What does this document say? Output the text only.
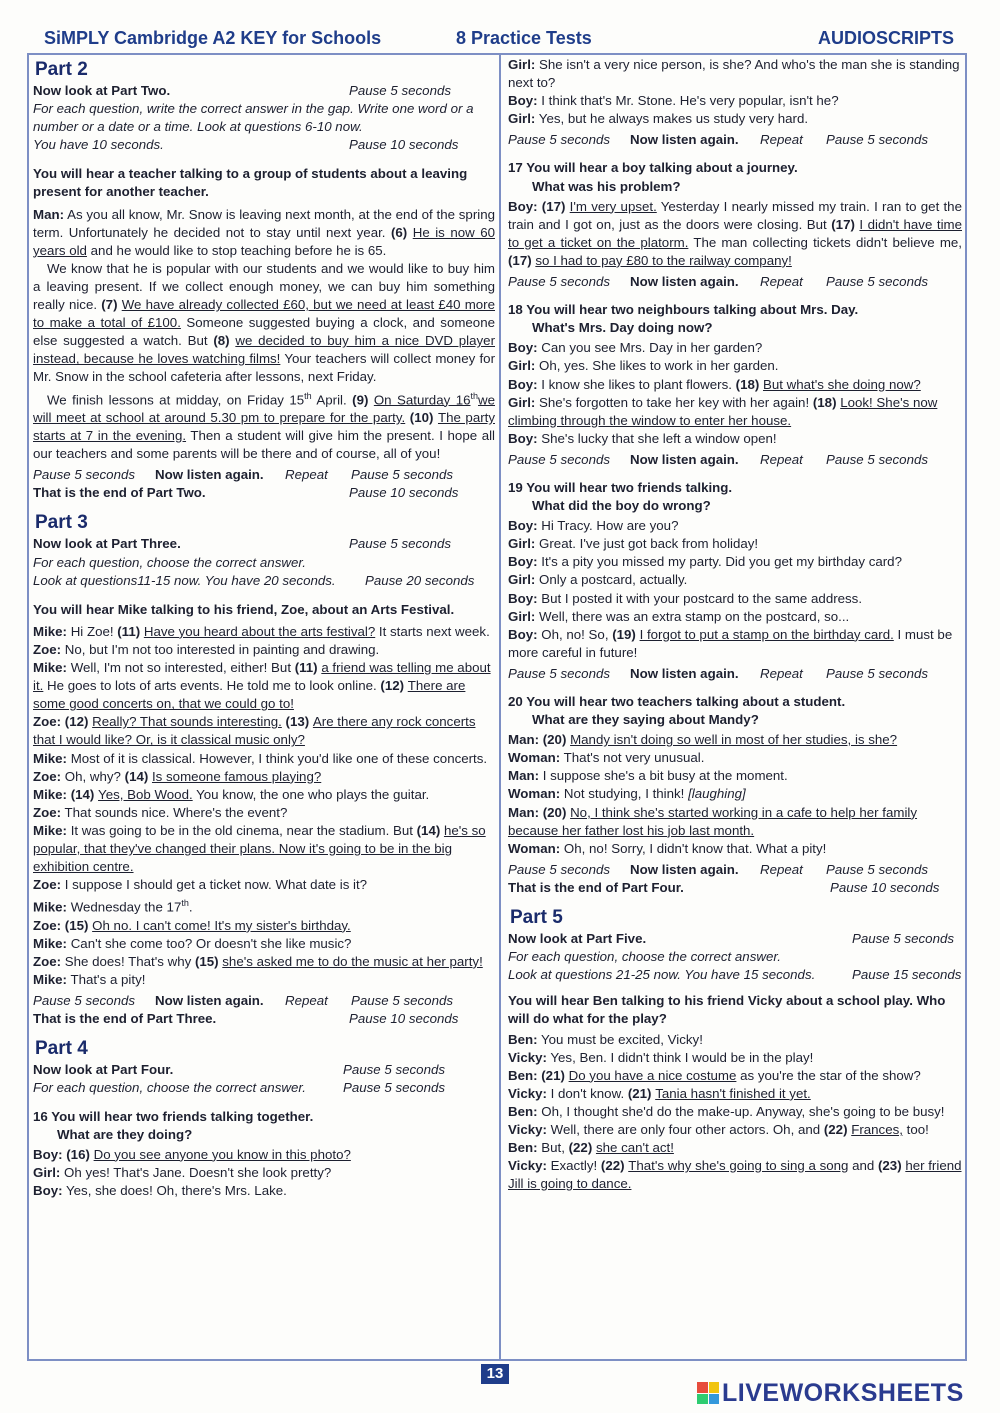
SiMPLY Cambridge A2 KEY for Schools	8 Practice Tests	AUDIOSCRIPTS
Part 2
Now look at Part Two.	Pause 5 seconds

For each question, write the correct answer in the gap. Write one word or a number or a date or a time. Look at questions 6-10 now.

You have 10 seconds.	Pause 10 seconds
You will hear a teacher talking to a group of students about a leaving present for another teacher.

Man: As you all know, Mr. Snow is leaving next month, at the end of the spring term. Unfortunately he decided not to stay until next year. (6) He is now 60 years old and he would like to stop teaching before he is 65.

We know that he is popular with our students and we would like to buy him a leaving present. If we collect enough money, we can buy him something really nice. (7) We have already collected £60, but we need at least £40 more to make a total of £100. Someone suggested buying a clock, and someone else suggested a watch. But (8) we decided to buy him a nice DVD player instead, because he loves watching films! Your teachers will collect money for Mr. Snow in the school cafeteria after lessons, next Friday.

We finish lessons at midday, on Friday 15th April. (9) On Saturday 16thwe will meet at school at around 5.30 pm to prepare for the party. (10) The party starts at 7 in the evening. Then a student will give him the present. I hope all our teachers and some parents will be there and of course, all of you!

Pause 5 seconds	Now listen again.	Repeat	Pause 5 seconds
That is the end of Part Two.	Pause 10 seconds
Part 3
Now look at Part Three.	Pause 5 seconds

For each question, choose the correct answer.

Look at questions11-15 now. You have 20 seconds. Pause 20 seconds
You will hear Mike talking to his friend, Zoe, about an Arts Festival.

Mike: Hi Zoe! (11) Have you heard about the arts festival? It starts next week.

Zoe: No, but I'm not too interested in painting and drawing.

Mike: Well, I'm not so interested, either! But (11) a friend was telling me about it. He goes to lots of arts events. He told me to look online. (12) There are some good concerts on, that we could go to!

Zoe: (12) Really? That sounds interesting. (13) Are there any rock concerts that I would like? Or, is it classical music only?

Mike: Most of it is classical. However, I think you'd like one of these concerts.

Zoe: Oh, why? (14) Is someone famous playing?

Mike: (14) Yes, Bob Wood. You know, the one who plays the guitar.

Zoe: That sounds nice. Where's the event?

Mike: It was going to be in the old cinema, near the stadium. But (14) he's so popular, that they've changed their plans. Now it's going to be in the big exhibition centre.

Zoe: I suppose I should get a ticket now. What date is it?

Mike: Wednesday the 17th.

Zoe: (15) Oh no. I can't come! It's my sister's birthday.

Mike: Can't she come too? Or doesn't she like music?

Zoe: She does! That's why (15) she's asked me to do the music at her party!

Mike: That's a pity!

Pause 5 seconds	Now listen again.	Repeat	Pause 5 seconds
That is the end of Part Three.	Pause 10 seconds
Part 4
Now look at Part Four.	Pause 5 seconds
For each question, choose the correct answer.	Pause 5 seconds
16 You will hear two friends talking together.
What are they doing?

Boy: (16) Do you see anyone you know in this photo?

Girl: Oh yes! That's Jane. Doesn't she look pretty?

Boy: Yes, she does! Oh, there's Mrs. Lake.

Girl: She isn't a very nice person, is she? And who's the man she is standing next to?

Boy: I think that's Mr. Stone. He's very popular, isn't he?

Girl: Yes, but he always makes us study very hard.

Pause 5 seconds	Now listen again.	Repeat	Pause 5 seconds
17 You will hear a boy talking about a journey.
What was his problem?

Boy: (17) I'm very upset. Yesterday I nearly missed my train. I ran to get the train and I got on, just as the doors were closing. But (17) I didn't have time to get a ticket on the platorm. The man collecting tickets didn't believe me, (17) so I had to pay £80 to the railway company!

Pause 5 seconds	Now listen again.	Repeat	Pause 5 seconds
18 You will hear two neighbours talking about Mrs. Day.
What's Mrs. Day doing now?

Boy: Can you see Mrs. Day in her garden?

Girl: Oh, yes. She likes to work in her garden.

Boy: I know she likes to plant flowers. (18) But what's she doing now?

Girl: She's forgotten to take her key with her again! (18) Look! She's now climbing through the window to enter her house.

Boy: She's lucky that she left a window open!

Pause 5 seconds	Now listen again.	Repeat	Pause 5 seconds
19 You will hear two friends talking.
What did the boy do wrong?

Boy: Hi Tracy. How are you?

Girl: Great. I've just got back from holiday!

Boy: It's a pity you missed my party. Did you get my birthday card?

Girl: Only a postcard, actually.

Boy: But I posted it with your postcard to the same address.

Girl: Well, there was an extra stamp on the postcard, so...

Boy: Oh, no! So, (19) I forgot to put a stamp on the birthday card. I must be more careful in future!

Pause 5 seconds	Now listen again.	Repeat	Pause 5 seconds
20 You will hear two teachers talking about a student.
What are they saying about Mandy?

Man: (20) Mandy isn't doing so well in most of her studies, is she?

Woman: That's not very unusual.

Man: I suppose she's a bit busy at the moment.

Woman: Not studying, I think! [laughing]

Man: (20) No, I think she's started working in a cafe to help her family because her father lost his job last month.

Woman: Oh, no! Sorry, I didn't know that. What a pity!

Pause 5 seconds	Now listen again.	Repeat	Pause 5 seconds
That is the end of Part Four.	Pause 10 seconds
Part 5
Now look at Part Five.	Pause 5 seconds

For each question, choose the correct answer.

Look at questions 21-25 now. You have 15 seconds.	Pause 15 seconds
You will hear Ben talking to his friend Vicky about a school play. Who will do what for the play?

Ben: You must be excited, Vicky!

Vicky: Yes, Ben. I didn't think I would be in the play!

Ben: (21) Do you have a nice costume as you're the star of the show?

Vicky: I don't know. (21) Tania hasn't finished it yet.

Ben: Oh, I thought she'd do the make-up. Anyway, she's going to be busy!

Vicky: Well, there are only four other actors. Oh, and (22) Frances, too!

Ben: But, (22) she can't act!

Vicky: Exactly! (22) That's why she's going to sing a song and (23) her friend Jill is going to dance.

13
LIVEWORKSHEETS
